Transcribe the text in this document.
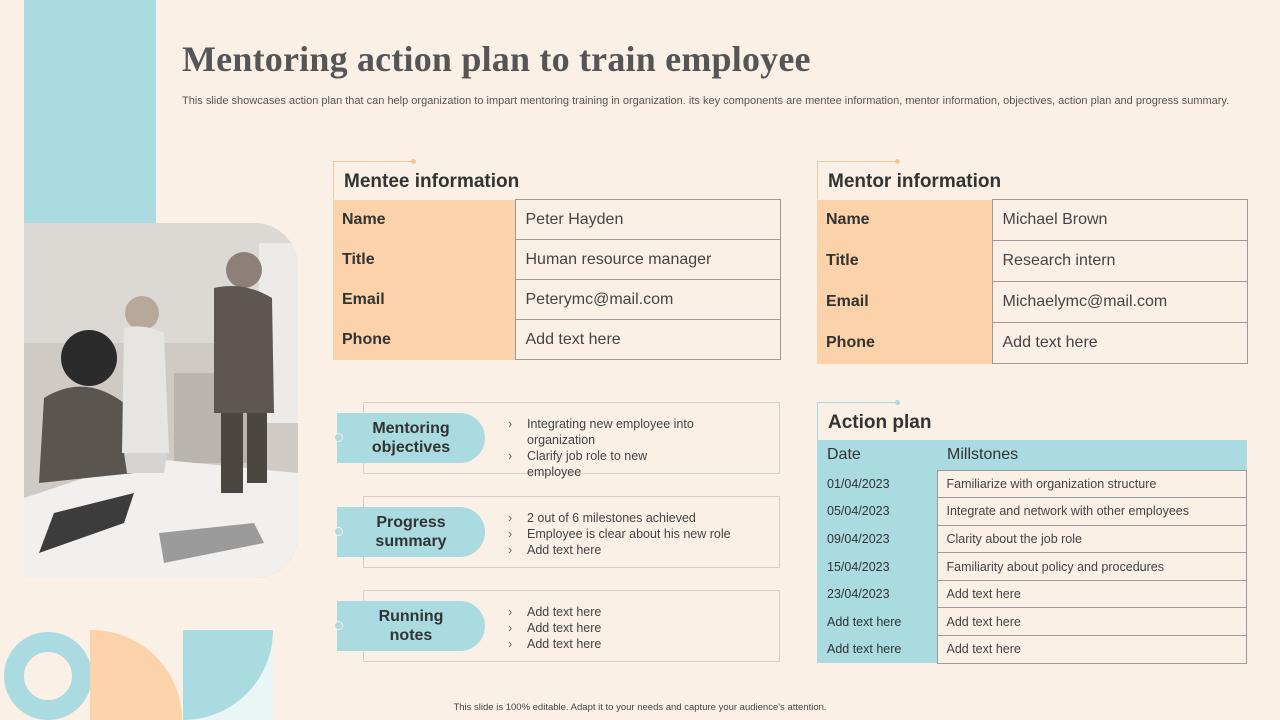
Mentoring action plan to train employee

This slide showcases action plan that can help organization to impart mentoring training in organization. its key components are mentee information, mentor information, objectives, action plan and progress summary.

Mentee information
Name	Peter Hayden
Title	Human resource manager
Email	Peterymc@mail.com
Phone	Add text here
Mentor information
Name	Michael Brown
Title	Research intern
Email	Michaelymc@mail.com
Phone	Add text here
Mentoring
objectives
› Integrating new employee into organization
› Clarify job role to new employee
Progress
summary
› 2 out of 6 milestones achieved
› Employee is clear about his new role
› Add text here
Running
notes
› Add text here
› Add text here
› Add text here
Action plan
Date	Millstones
01/04/2023	Familiarize with organization structure
05/04/2023	Integrate and network with other employees
09/04/2023	Clarity about the job role
15/04/2023	Familiarity about policy and procedures
23/04/2023	Add text here
Add text here	Add text here
Add text here	Add text here
This slide is 100% editable. Adapt it to your needs and capture your audience's attention.
